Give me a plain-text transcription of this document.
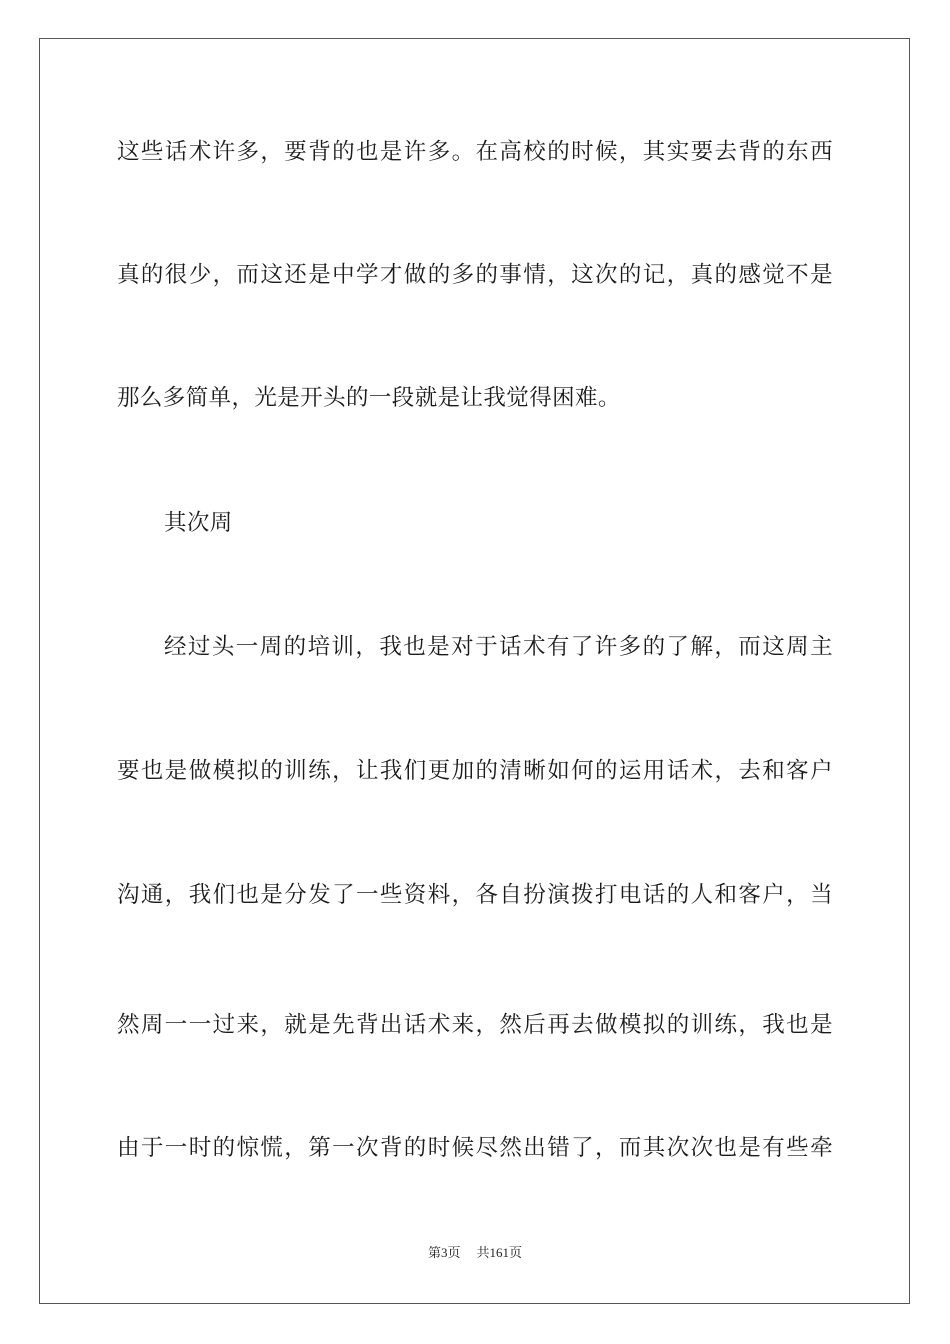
这些话术许多，要背的也是许多。在高校的时候，其实要去背的东西
真的很少，而这还是中学才做的多的事情，这次的记，真的感觉不是
那么多简单，光是开头的一段就是让我觉得困难。
其次周
经过头一周的培训，我也是对于话术有了许多的了解，而这周主
要也是做模拟的训练，让我们更加的清晰如何的运用话术，去和客户
沟通，我们也是分发了一些资料，各自扮演拨打电话的人和客户，当
然周一一过来，就是先背出话术来，然后再去做模拟的训练，我也是
由于一时的惊慌，第一次背的时候尽然出错了，而其次次也是有些牵
第3页 共161页
